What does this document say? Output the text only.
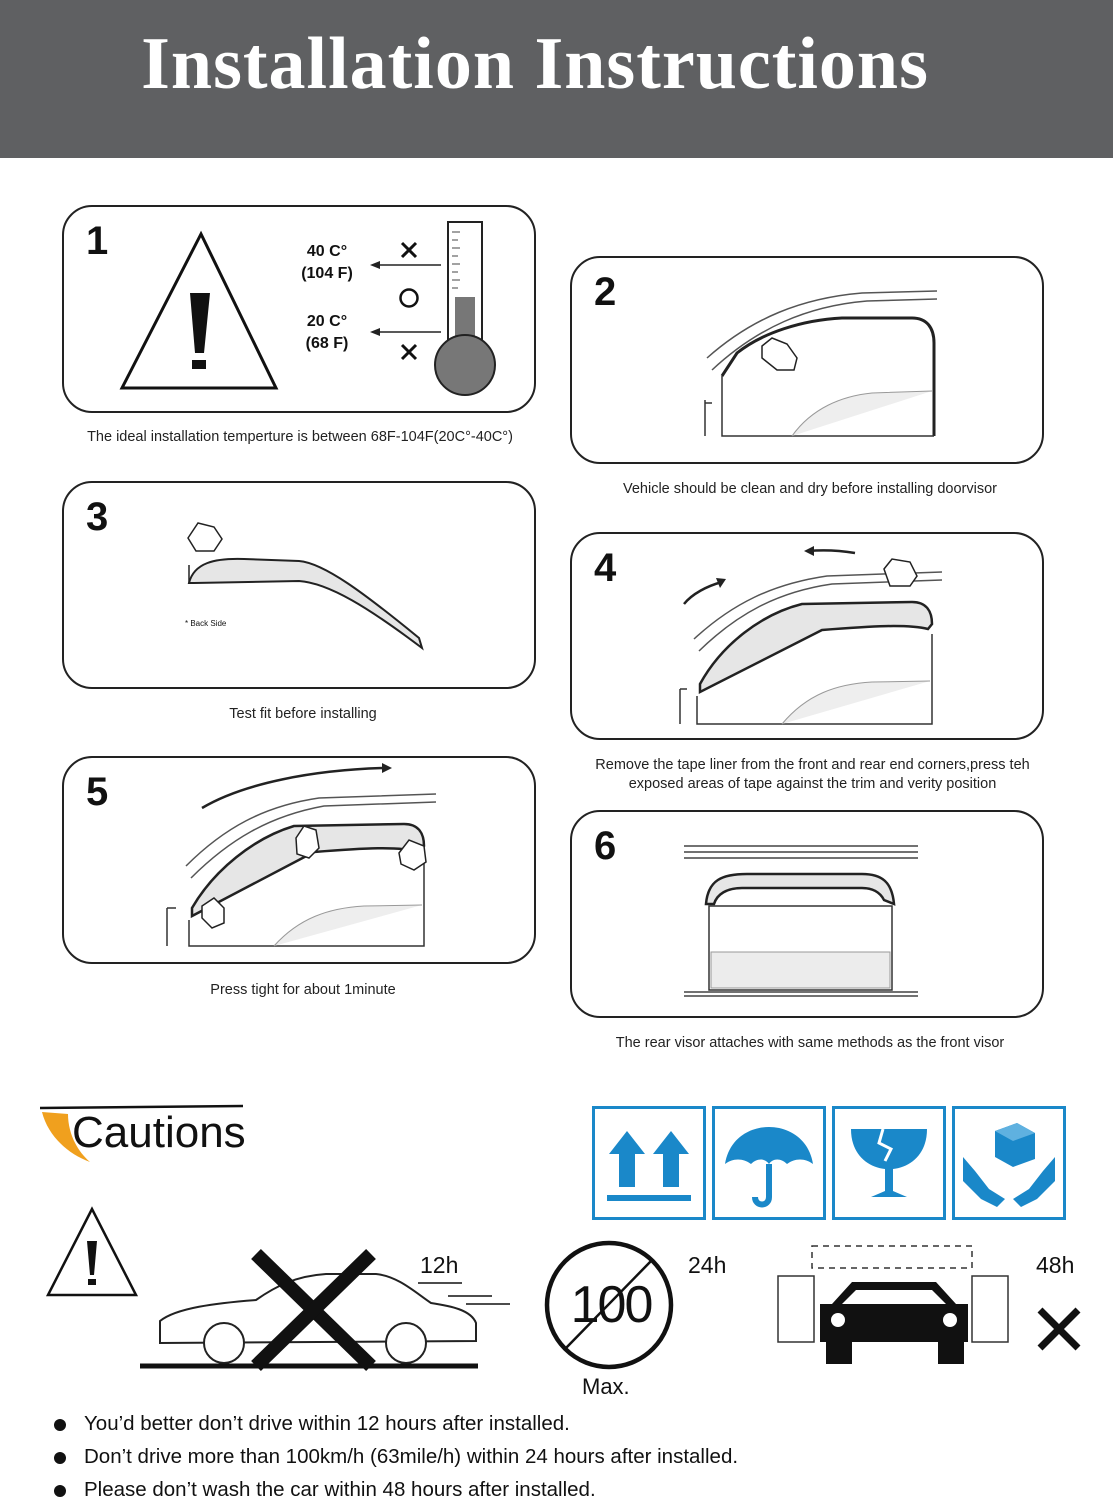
Installation Instructions
1	40 C°
(104 F)
20 C°
(68 F)
The ideal installation temperture is between 68F-104F(20C°-40C°)
2
Vehicle should be clean and dry before installing doorvisor
3
* Back Side
Test fit before installing
4
Remove the tape liner from the front and rear end corners,press teh
exposed areas of tape against the trim and verity position
5
Press tight for about 1minute
6
The rear visor attaches with same methods as the front visor
Cautions
100
Max.
12h	24h	48h
You’d better don’t drive within 12 hours after installed.
Don’t drive more than 100km/h (63mile/h) within 24 hours after installed.
Please don’t wash the car within 48 hours after installed.
